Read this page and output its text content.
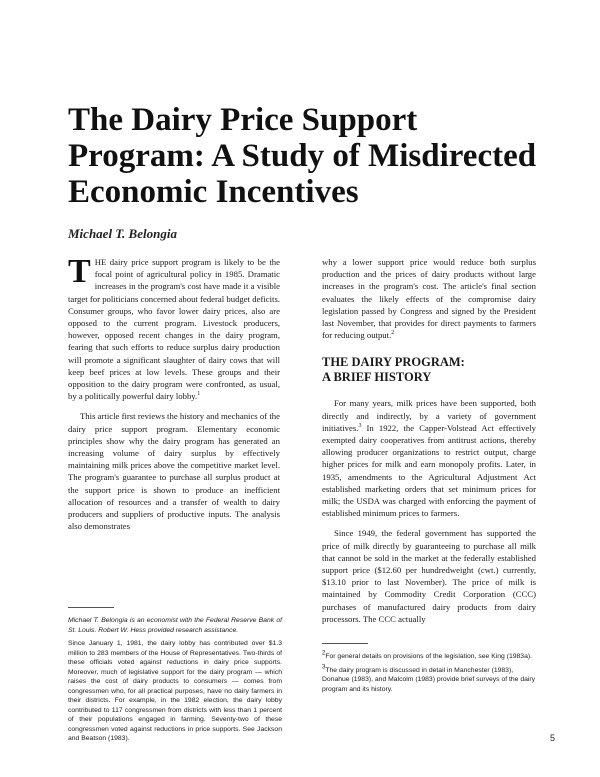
The Dairy Price Support
Program: A Study of Misdirected
Economic Incentives

Michael T. Belongia

THE dairy price support program is likely to be the focal point of agricultural policy in 1985. Dramatic increases in the program's cost have made it a visible target for politicians concerned about federal budget deficits. Consumer groups, who favor lower dairy prices, also are opposed to the current program. Livestock producers, however, opposed recent changes in the dairy program, fearing that such efforts to reduce surplus dairy production will promote a significant slaughter of dairy cows that will keep beef prices at low levels. These groups and their opposition to the dairy program were confronted, as usual, by a politically powerful dairy lobby.$^1$

This article first reviews the history and mechanics of the dairy price support program. Elementary economic principles show why the dairy program has generated an increasing volume of dairy surplus by effectively maintaining milk prices above the competitive market level. The program's guarantee to purchase all surplus product at the support price is shown to produce an inefficient allocation of resources and a transfer of wealth to dairy producers and suppliers of productive inputs. The analysis also demonstrates

Michael T. Belongia is an economist with the Federal Reserve Bank of St. Louis. Robert W. Hess provided research assistance.

Since January 1, 1981, the dairy lobby has contributed over $1.3 million to 283 members of the House of Representatives. Two-thirds of these officials voted against reductions in dairy price supports. Moreover, much of legislative support for the dairy program — which raises the cost of dairy products to consumers — comes from congressmen who, for all practical purposes, have no dairy farmers in their districts. For example, in the 1982 election, the dairy lobby contributed to 117 congressmen from districts with less than 1 percent of their populations engaged in farming. Seventy-two of these congressmen voted against reductions in price supports. See Jackson and Beatson (1983).

why a lower support price would reduce both surplus production and the prices of dairy products without large increases in the program's cost. The article's final section evaluates the likely effects of the compromise dairy legislation passed by Congress and signed by the President last November, that provides for direct payments to farmers for reducing output.$^2$

THE DAIRY PROGRAM:
A BRIEF HISTORY

For many years, milk prices have been supported, both directly and indirectly, by a variety of government initiatives.$^3$ In 1922, the Capper-Volstead Act effectively exempted dairy cooperatives from antitrust actions, thereby allowing producer organizations to restrict output, charge higher prices for milk and earn monopoly profits. Later, in 1935, amendments to the Agricultural Adjustment Act established marketing orders that set minimum prices for milk; the USDA was charged with enforcing the payment of established minimum prices to farmers.

Since 1949, the federal government has supported the price of milk directly by guaranteeing to purchase all milk that cannot be sold in the market at the federally established support price ($12.60 per hundredweight (cwt.) currently, $13.10 prior to last November). The price of milk is maintained by Commodity Credit Corporation (CCC) purchases of manufactured dairy products from dairy processors. The CCC actually

$^2$For general details on provisions of the legislation, see King (1983a).

$^3$The dairy program is discussed in detail in Manchester (1983), Donahue (1983), and Malcolm (1983) provide brief surveys of the dairy program and its history.

5
